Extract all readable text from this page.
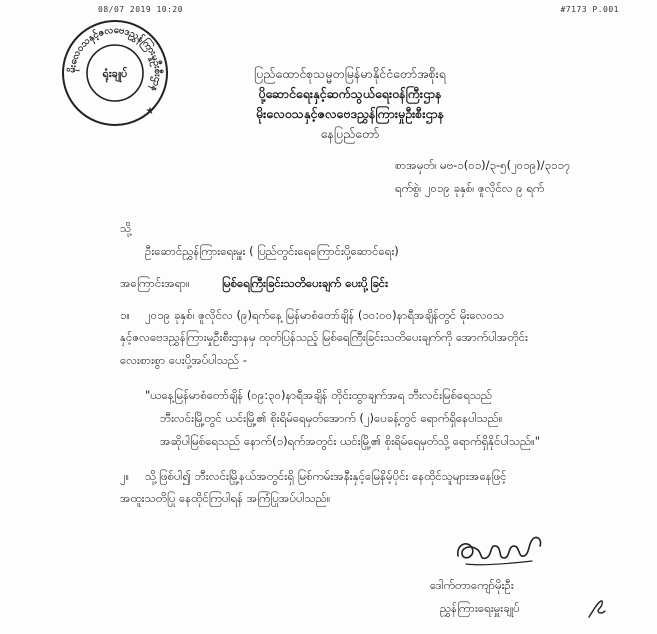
08/07 2019 10:20	#7173 P.001
မိုးလေဝသနှင့်ဇလဗေဒညွှန်ကြားမှုဦးစီးဌာန
ရုံးချုပ်
★
ပြည်ထောင်စုသမ္မတမြန်မာနိုင်ငံတော်အစိုးရ
ပို့ဆောင်ရေးနှင့်ဆက်သွယ်ရေးဝန်ကြီးဌာန
မိုးလေဝသနှင့်ဇလဗေဒညွှန်ကြားမှုဦးစီးဌာန
နေပြည်တော်
စာအမှတ်၊ မဗ-၁(၀၁)/၃-၅(၂၀၁၉)/၃၁၁၇
ရက်စွဲ၊ ၂၀၁၉ ခုနှစ်၊ ဇူလိုင်လ ၉ ရက်
သို့
ဦးဆောင်ညွှန်ကြားရေးမှူး ( ပြည်တွင်းရေကြောင်းပို့ဆောင်ရေး)
အကြောင်းအရာ။	မြစ်ရေကြီးခြင်းသတိပေးချက် ပေးပို့ခြင်း
၁။ ၂၀၁၉ ခုနှစ်၊ ဇူလိုင်လ (၉)ရက်နေ့ မြန်မာစံတော်ချိန် (၁၀:၀၀)နာရီအချိန်တွင် မိုးလေဝသ
နှင့်ဇလဗေဒညွှန်ကြားမှုဦးစီးဌာနမှ ထုတ်ပြန်သည့် မြစ်ရေကြီးခြင်းသတိပေးချက်ကို အောက်ပါအတိုင်း
လေးစားစွာ ပေးပို့အပ်ပါသည် -
"ယနေ့မြန်မာစံတော်ချိန် (၀၉:၃၀)နာရီအချိန် တိုင်းထွာချက်အရ ဘီးလင်းမြစ်ရေသည်
ဘီးလင်းမြို့တွင် ယင်းမြို့၏ စိုးရိမ်ရေမှတ်အောက် (၂)ပေခန့်တွင် ရောက်ရှိနေပါသည်။
အဆိုပါမြစ်ရေသည် နောက်(၁)ရက်အတွင်း ယင်းမြို့၏ စိုးရိမ်ရေမှတ်သို့ ရောက်ရှိနိုင်ပါသည်။"
၂။ သို့ဖြစ်ပါ၍ ဘီးလင်းမြို့နယ်အတွင်းရှိ မြစ်ကမ်းအနီးနှင့်မြေနိမ့်ပိုင်း နေထိုင်သူများအနေဖြင့်
အထူးသတိပြု နေထိုင်ကြပါရန် အကြံပြုအပ်ပါသည်။
ဒေါက်တာကျော်မိုးဦး
ညွှန်ကြားရေးမှူးချုပ်
